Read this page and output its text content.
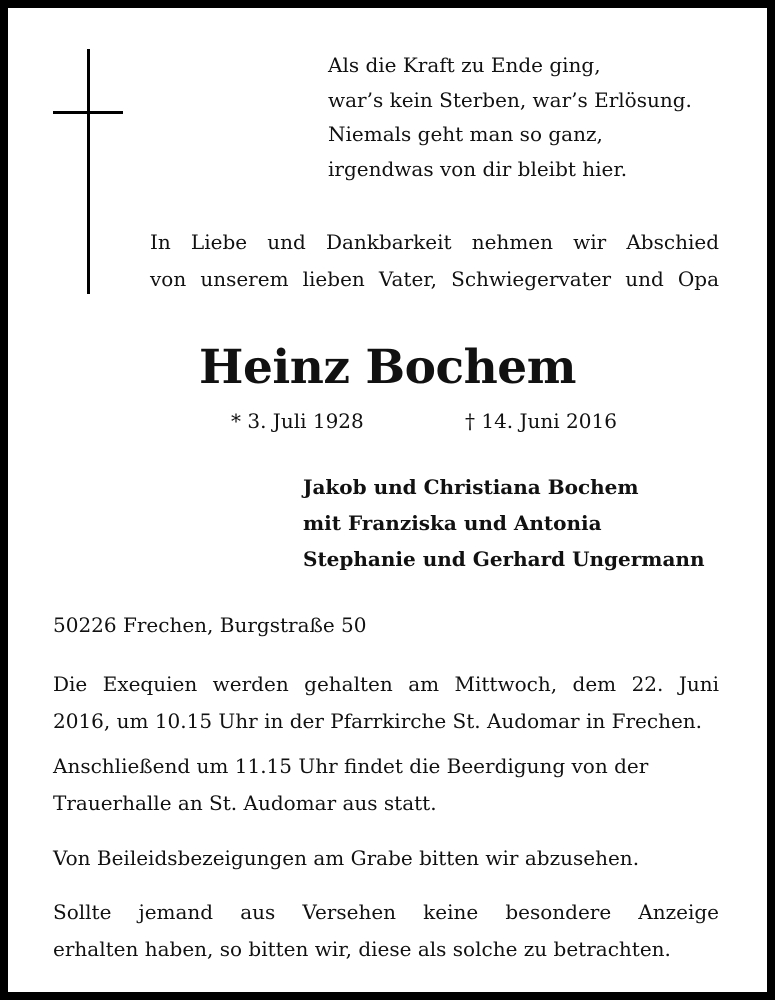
Als die Kraft zu Ende ging,
war’s kein Sterben, war’s Erlösung.
Niemals geht man so ganz,
irgendwas von dir bleibt hier.
In Liebe und Dankbarkeit nehmen wir Abschied
von unserem lieben Vater, Schwiegervater und Opa
Heinz Bochem
* 3. Juli 1928	† 14. Juni 2016
Jakob und Christiana Bochem
mit Franziska und Antonia
Stephanie und Gerhard Ungermann
50226 Frechen, Burgstraße 50
Die Exequien werden gehalten am Mittwoch, dem 22. Juni
2016, um 10.15 Uhr in der Pfarrkirche St. Audomar in Frechen.
Anschließend um 11.15 Uhr findet die Beerdigung von der
Trauerhalle an St. Audomar aus statt.
Von Beileidsbezeigungen am Grabe bitten wir abzusehen.
Sollte jemand aus Versehen keine besondere Anzeige
erhalten haben, so bitten wir, diese als solche zu betrachten.
